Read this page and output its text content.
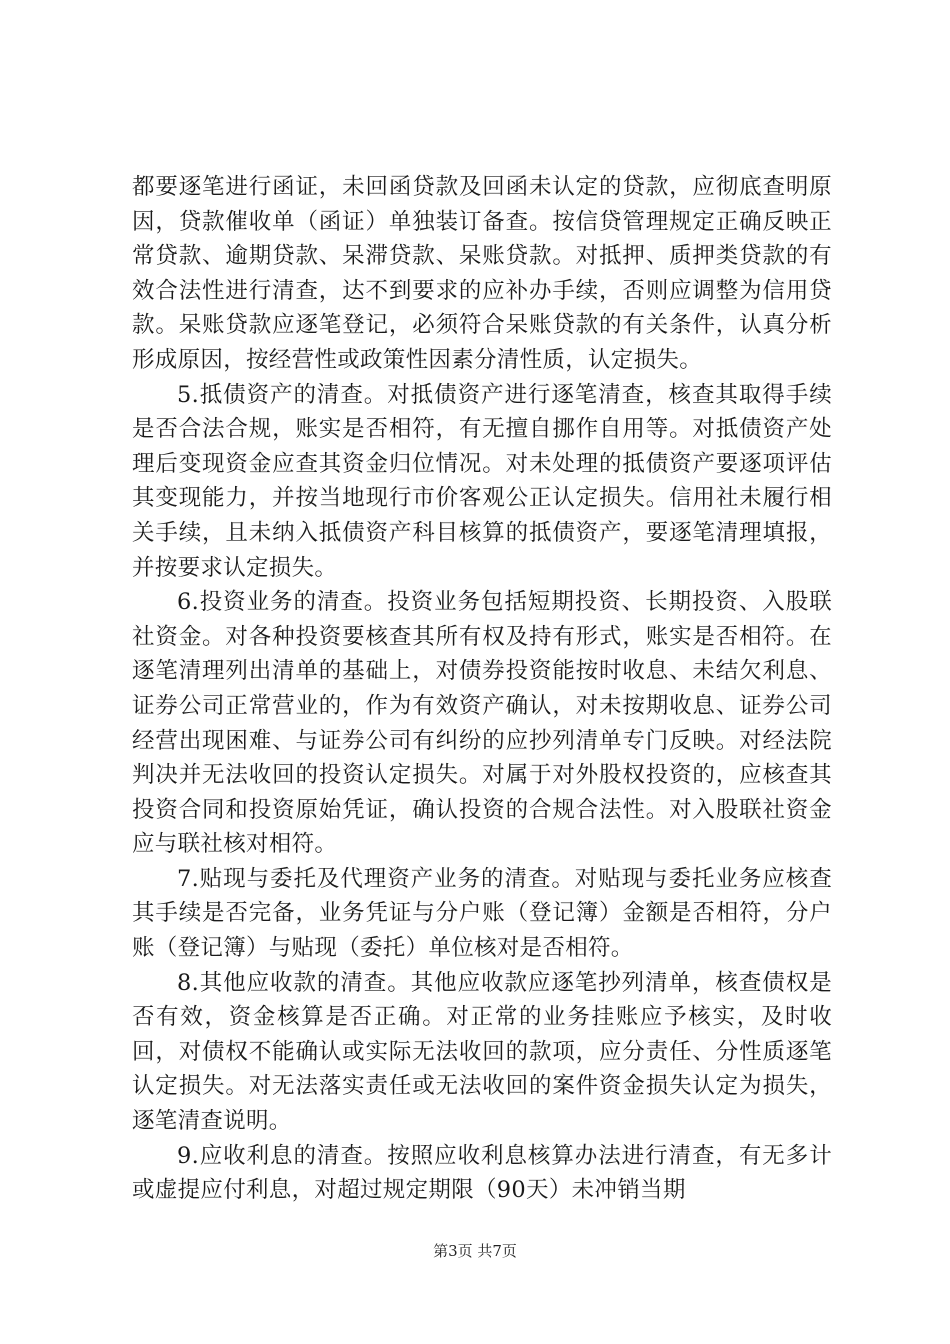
都要逐笔进行函证，未回函贷款及回函未认定的贷款，应彻底查明原因，贷款催收单（函证）单独装订备查。按信贷管理规定正确反映正常贷款、逾期贷款、呆滞贷款、呆账贷款。对抵押、质押类贷款的有效合法性进行清查，达不到要求的应补办手续，否则应调整为信用贷款。呆账贷款应逐笔登记，必须符合呆账贷款的有关条件，认真分析形成原因，按经营性或政策性因素分清性质，认定损失。

5.抵债资产的清查。对抵债资产进行逐笔清查，核查其取得手续是否合法合规，账实是否相符，有无擅自挪作自用等。对抵债资产处理后变现资金应查其资金归位情况。对未处理的抵债资产要逐项评估其变现能力，并按当地现行市价客观公正认定损失。信用社未履行相关手续，且未纳入抵债资产科目核算的抵债资产，要逐笔清理填报，并按要求认定损失。

6.投资业务的清查。投资业务包括短期投资、长期投资、入股联社资金。对各种投资要核查其所有权及持有形式，账实是否相符。在逐笔清理列出清单的基础上，对债券投资能按时收息、未结欠利息、证券公司正常营业的，作为有效资产确认，对未按期收息、证券公司经营出现困难、与证券公司有纠纷的应抄列清单专门反映。对经法院判决并无法收回的投资认定损失。对属于对外股权投资的，应核查其投资合同和投资原始凭证，确认投资的合规合法性。对入股联社资金应与联社核对相符。

7.贴现与委托及代理资产业务的清查。对贴现与委托业务应核查其手续是否完备，业务凭证与分户账（登记簿）金额是否相符，分户账（登记簿）与贴现（委托）单位核对是否相符。

8.其他应收款的清查。其他应收款应逐笔抄列清单，核查债权是否有效，资金核算是否正确。对正常的业务挂账应予核实，及时收回，对债权不能确认或实际无法收回的款项，应分责任、分性质逐笔认定损失。对无法落实责任或无法收回的案件资金损失认定为损失，逐笔清查说明。

9.应收利息的清查。按照应收利息核算办法进行清查，有无多计或虚提应付利息，对超过规定期限（90天）未冲销当期

第3页 共7页
